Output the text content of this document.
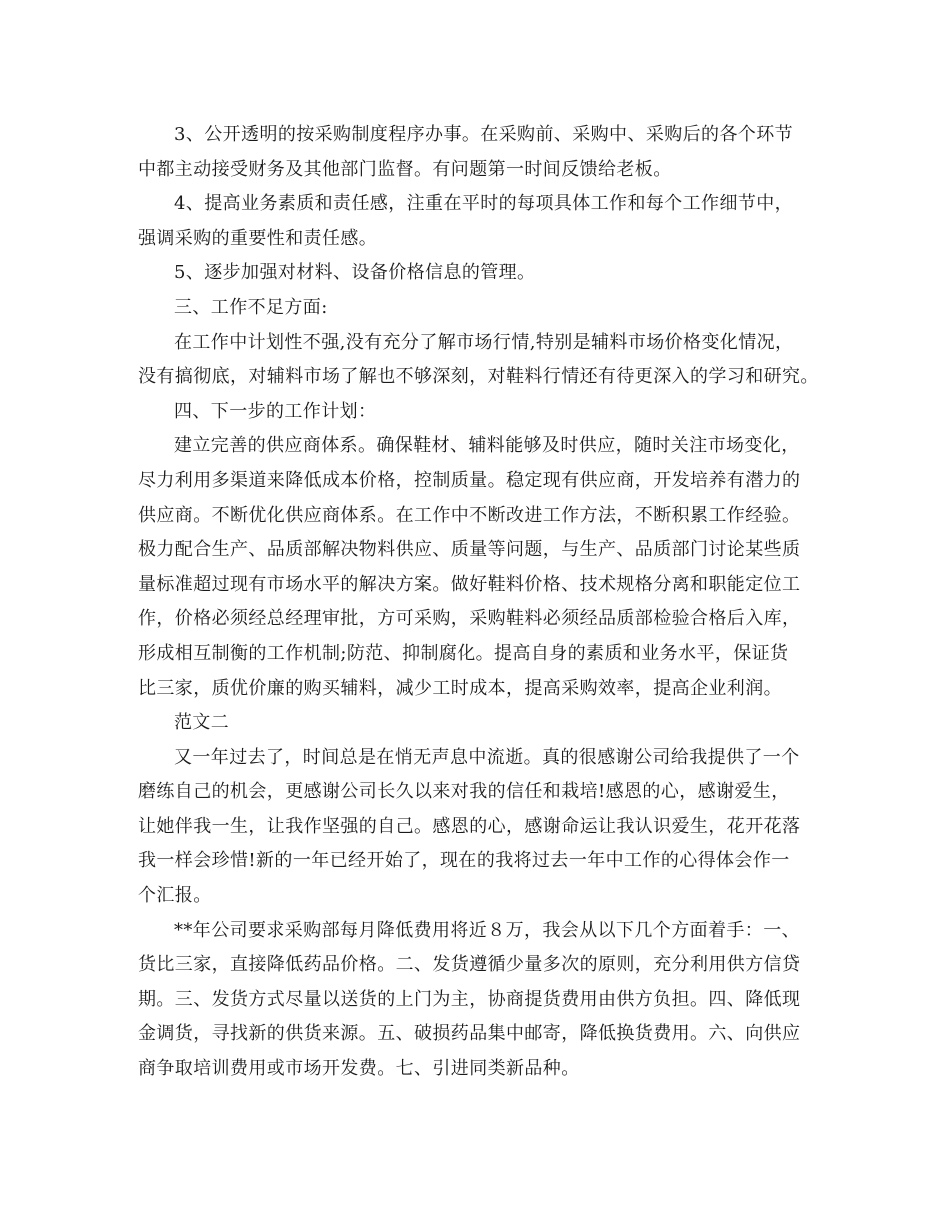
3、公开透明的按采购制度程序办事。在采购前、采购中、采购后的各个环节
中都主动接受财务及其他部门监督。有问题第一时间反馈给老板。
4、提高业务素质和责任感，注重在平时的每项具体工作和每个工作细节中，
强调采购的重要性和责任感。
5、逐步加强对材料、设备价格信息的管理。
三、工作不足方面:
在工作中计划性不强,没有充分了解市场行情,特别是辅料市场价格变化情况，
没有搞彻底，对辅料市场了解也不够深刻，对鞋料行情还有待更深入的学习和研究。
四、下一步的工作计划：
建立完善的供应商体系。确保鞋材、辅料能够及时供应，随时关注市场变化，
尽力利用多渠道来降低成本价格，控制质量。稳定现有供应商，开发培养有潜力的
供应商。不断优化供应商体系。在工作中不断改进工作方法，不断积累工作经验。
极力配合生产、品质部解决物料供应、质量等问题，与生产、品质部门讨论某些质
量标准超过现有市场水平的解决方案。做好鞋料价格、技术规格分离和职能定位工
作，价格必须经总经理审批，方可采购，采购鞋料必须经品质部检验合格后入库，
形成相互制衡的工作机制;防范、抑制腐化。提高自身的素质和业务水平，保证货
比三家，质优价廉的购买辅料，减少工时成本，提高采购效率，提高企业利润。
范文二
又一年过去了，时间总是在悄无声息中流逝。真的很感谢公司给我提供了一个
磨练自己的机会，更感谢公司长久以来对我的信任和栽培!感恩的心，感谢爱生，
让她伴我一生，让我作坚强的自己。感恩的心，感谢命运让我认识爱生，花开花落
我一样会珍惜!新的一年已经开始了，现在的我将过去一年中工作的心得体会作一
个汇报。
**年公司要求采购部每月降低费用将近８万，我会从以下几个方面着手：一、
货比三家，直接降低药品价格。二、发货遵循少量多次的原则，充分利用供方信贷
期。三、发货方式尽量以送货的上门为主，协商提货费用由供方负担。四、降低现
金调货，寻找新的供货来源。五、破损药品集中邮寄，降低换货费用。六、向供应
商争取培训费用或市场开发费。七、引进同类新品种。
